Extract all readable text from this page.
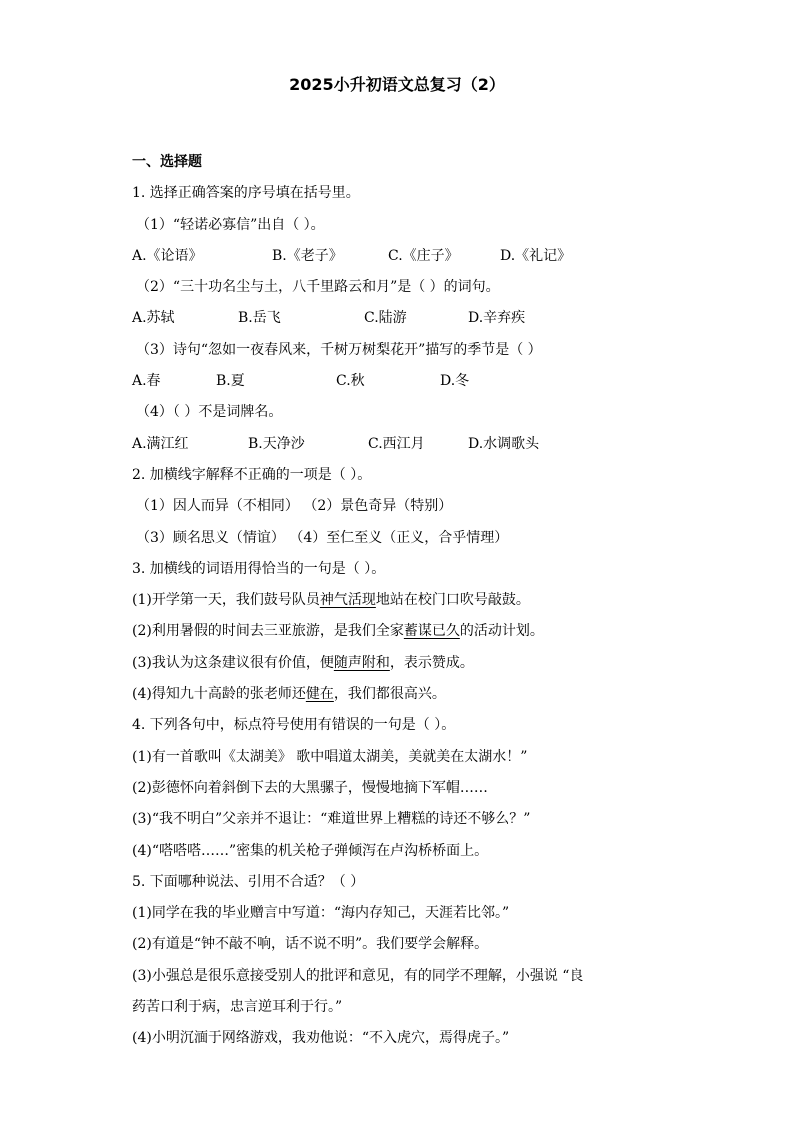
2025小升初语文总复习（2）
一、选择题
1. 选择正确答案的序号填在括号里。
（1）“轻诺必寡信”出自（ ）。
A.《论语》	B.《老子》	C.《庄子》	D.《礼记》
（2）“三十功名尘与土，八千里路云和月”是（ ）的词句。
A.苏轼	B.岳飞	C.陆游	D.辛弃疾
（3）诗句“忽如一夜春风来，千树万树梨花开”描写的季节是（ ）
A.春	B.夏	C.秋	D.冬
（4）（ ）不是词牌名。
A.满江红	B.天净沙	C.西江月	D.水调歌头
2. 加横线字解释不正确的一项是（ ）。
（1）因人而异（不相同） （2）景色奇异（特别）
（3）顾名思义（情谊） （4）至仁至义（正义，合乎情理）
3. 加横线的词语用得恰当的一句是（ ）。
(1)开学第一天，我们鼓号队员神气活现地站在校门口吹号敲鼓。
(2)利用暑假的时间去三亚旅游，是我们全家蓄谋已久的活动计划。
(3)我认为这条建议很有价值，便随声附和，表示赞成。
(4)得知九十高龄的张老师还健在，我们都很高兴。
4. 下列各句中，标点符号使用有错误的一句是（ ）。
(1)有一首歌叫《太湖美》 歌中唱道太湖美，美就美在太湖水！”
(2)彭德怀向着斜倒下去的大黑骡子，慢慢地摘下军帽……
(3)“我不明白”父亲并不退让：“难道世界上糟糕的诗还不够么？”
(4)“嗒嗒嗒……”密集的机关枪子弹倾泻在卢沟桥桥面上。
5. 下面哪种说法、引用不合适？（ ）
(1)同学在我的毕业赠言中写道：“海内存知己，天涯若比邻。”
(2)有道是“钟不敲不响，话不说不明”。我们要学会解释。
(3)小强总是很乐意接受别人的批评和意见，有的同学不理解，小强说 “良
药苦口利于病，忠言逆耳利于行。”
(4)小明沉湎于网络游戏，我劝他说：“不入虎穴，焉得虎子。”
